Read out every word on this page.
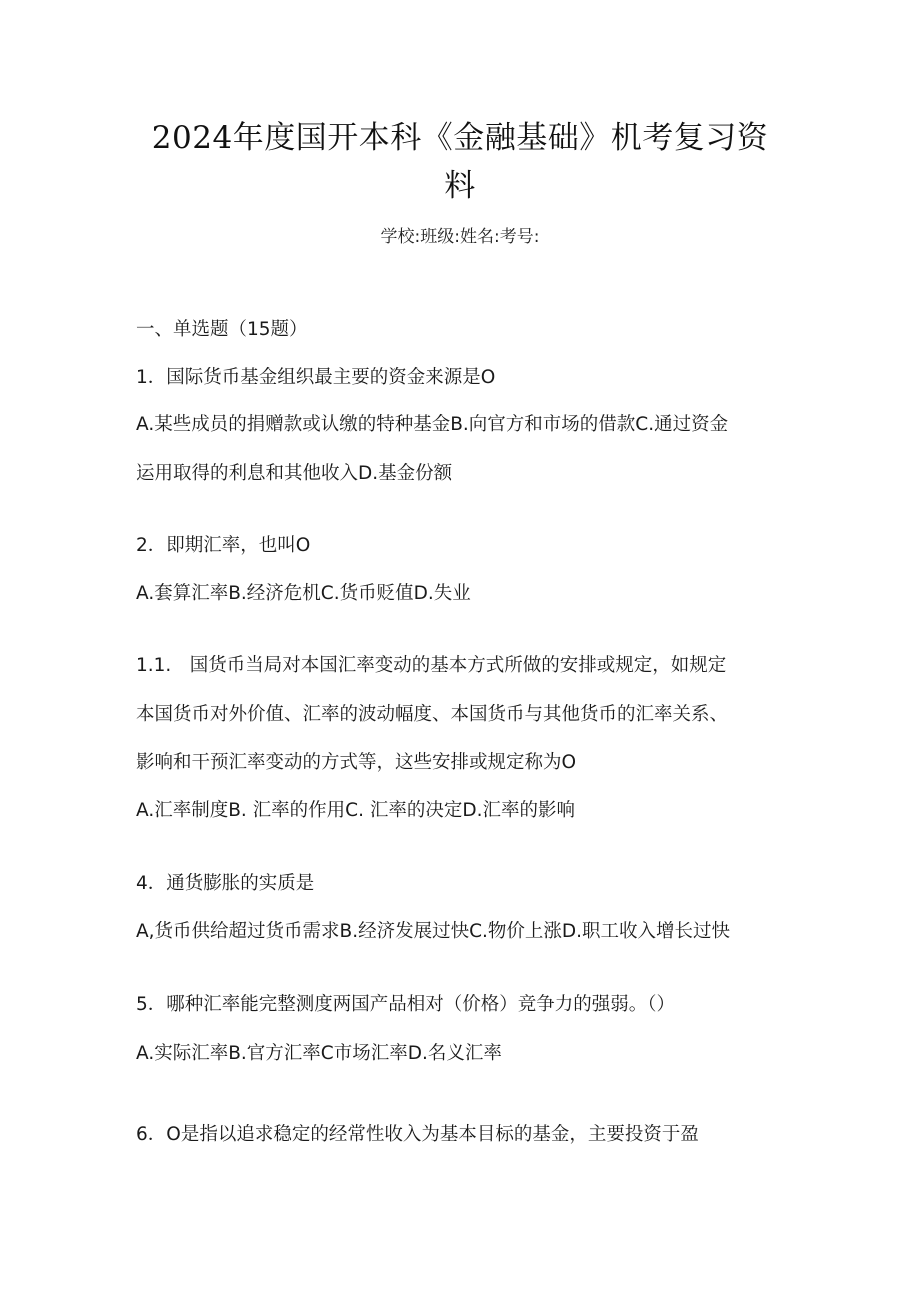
2024年度国开本科《金融基础》机考复习资
料
学校:班级:姓名:考号:
一、单选题（15题）
1．国际货币基金组织最主要的资金来源是O
A.某些成员的捐赠款或认缴的特种基金B.向官方和市场的借款C.通过资金
运用取得的利息和其他收入D.基金份额
2．即期汇率，也叫O
A.套算汇率B.经济危机C.货币贬值D.失业
1.1.　国货币当局对本国汇率变动的基本方式所做的安排或规定，如规定
本国货币对外价值、汇率的波动幅度、本国货币与其他货币的汇率关系、
影响和干预汇率变动的方式等，这些安排或规定称为O
A.汇率制度B. 汇率的作用C. 汇率的决定D.汇率的影响
4．通货膨胀的实质是
A,货币供给超过货币需求B.经济发展过快C.物价上涨D.职工收入增长过快
5．哪种汇率能完整测度两国产品相对（价格）竞争力的强弱。（）
A.实际汇率B.官方汇率C市场汇率D.名义汇率
6．O是指以追求稳定的经常性收入为基本目标的基金，主要投资于盈
